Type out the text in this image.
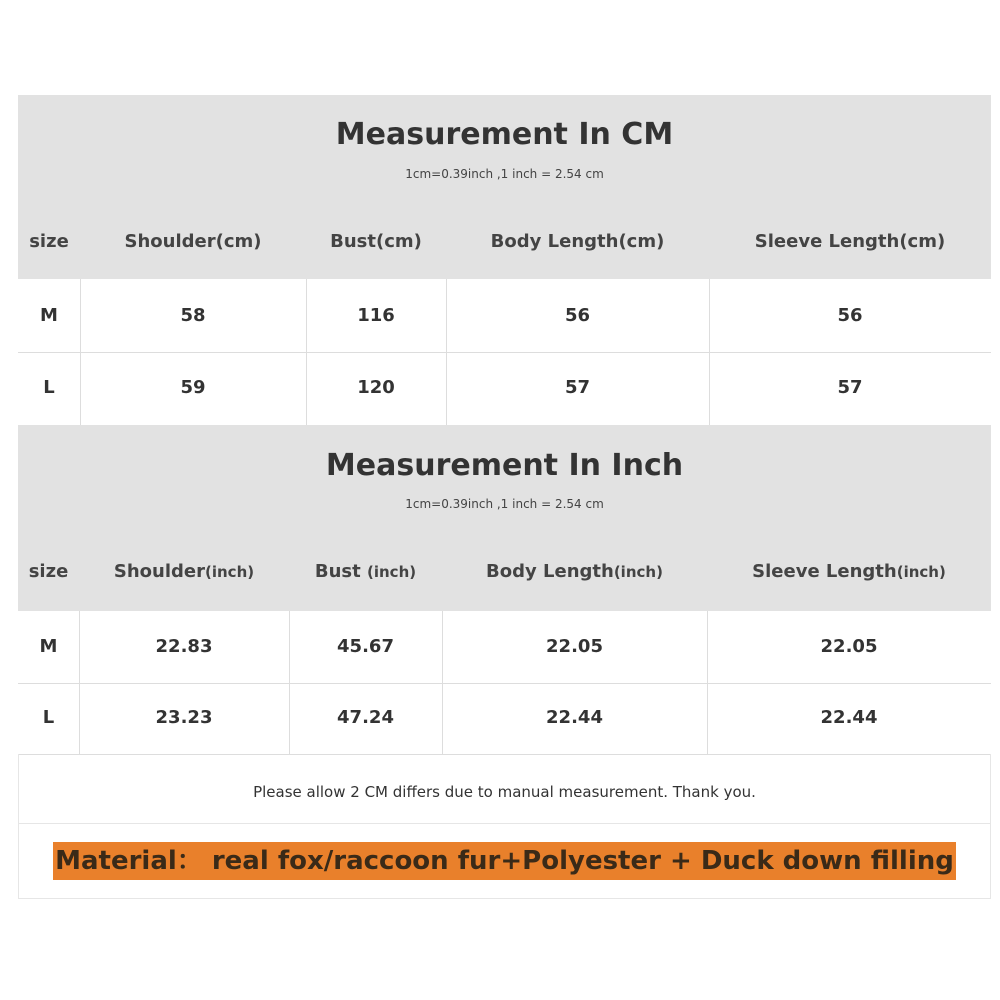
Measurement In CM
1cm=0.39inch ,1 inch = 2.54 cm
size	Shoulder(cm)	Bust(cm)	Body Length(cm)	Sleeve Length(cm)
M	58	116	56	56
L	59	120	57	57
Measurement In Inch
1cm=0.39inch ,1 inch = 2.54 cm
size	Shoulder(inch)	Bust (inch)	Body Length(inch)	Sleeve Length(inch)
M	22.83	45.67	22.05	22.05
L	23.23	47.24	22.44	22.44
Please allow 2 CM differs due to manual measurement. Thank you.
Material： real fox/raccoon fur+Polyester + Duck down filling
